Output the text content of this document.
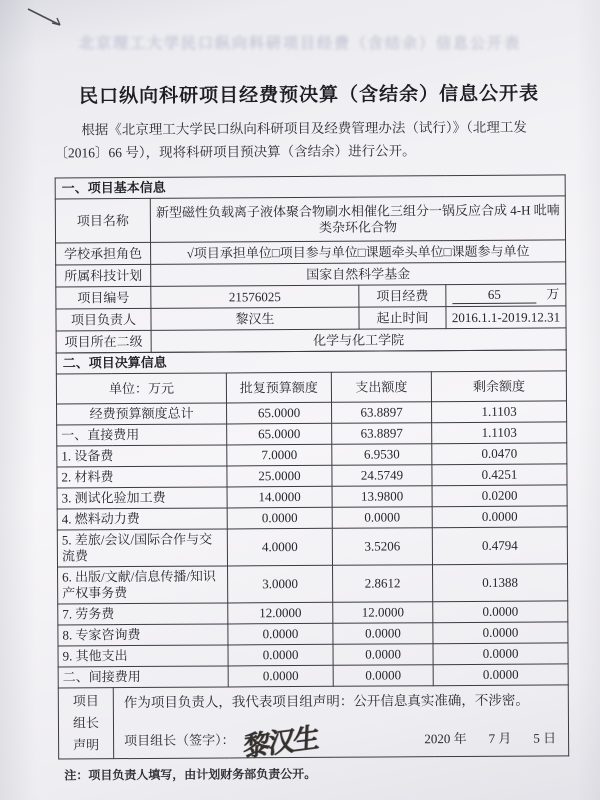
北京理工大学民口纵向科研项目经费（含结余）信息公开表
民口纵向科研项目经费预决算（含结余）信息公开表

根据《北京理工大学民口纵向科研项目及经费管理办法（试行）》（北理工发〔2016〕66 号），现将科研项目预决算（含结余）进行公开。

一、项目基本信息			
项目名称	新型磁性负载离子液体聚合物刷水相催化三组分一锅反应合成 4-H 吡喃类杂环化合物		
学校承担角色	√项目承担单位□项目参与单位□课题牵头单位□课题参与单位		
所属科技计划	国家自然科学基金		
项目编号	21576025	项目经费	65 万
项目负责人	黎汉生	起止时间	2016.1.1-2019.12.31
项目所在二级	化学与化工学院		
二、项目决算信息				
单位：万元		批复预算额度	支出额度	剩余额度
经费预算额度总计		65.0000	63.8897	1.1103
一、直接费用		65.0000	63.8897	1.1103
1. 设备费		7.0000	6.9530	0.0470
2. 材料费		25.0000	24.5749	0.4251
3. 测试化验加工费		14.0000	13.9800	0.0200
4. 燃料动力费		0.0000	0.0000	0.0000
5. 差旅/会议/国际合作与交流费		4.0000	3.5206	0.4794
6. 出版/文献/信息传播/知识产权事务费		3.0000	2.8612	0.1388
7. 劳务费		12.0000	12.0000	0.0000
8. 专家咨询费		0.0000	0.0000	0.0000
9. 其他支出		0.0000	0.0000	0.0000
二、间接费用		0.0000	0.0000	0.0000

项目
组长
声明

作为项目负责人，我代表项目组声明：公开信息真实准确，不涉密。
项目组长（签字）： 黎汉生	2020 年 7 月 5 日

注：项目负责人填写，由计划财务部负责公开。
